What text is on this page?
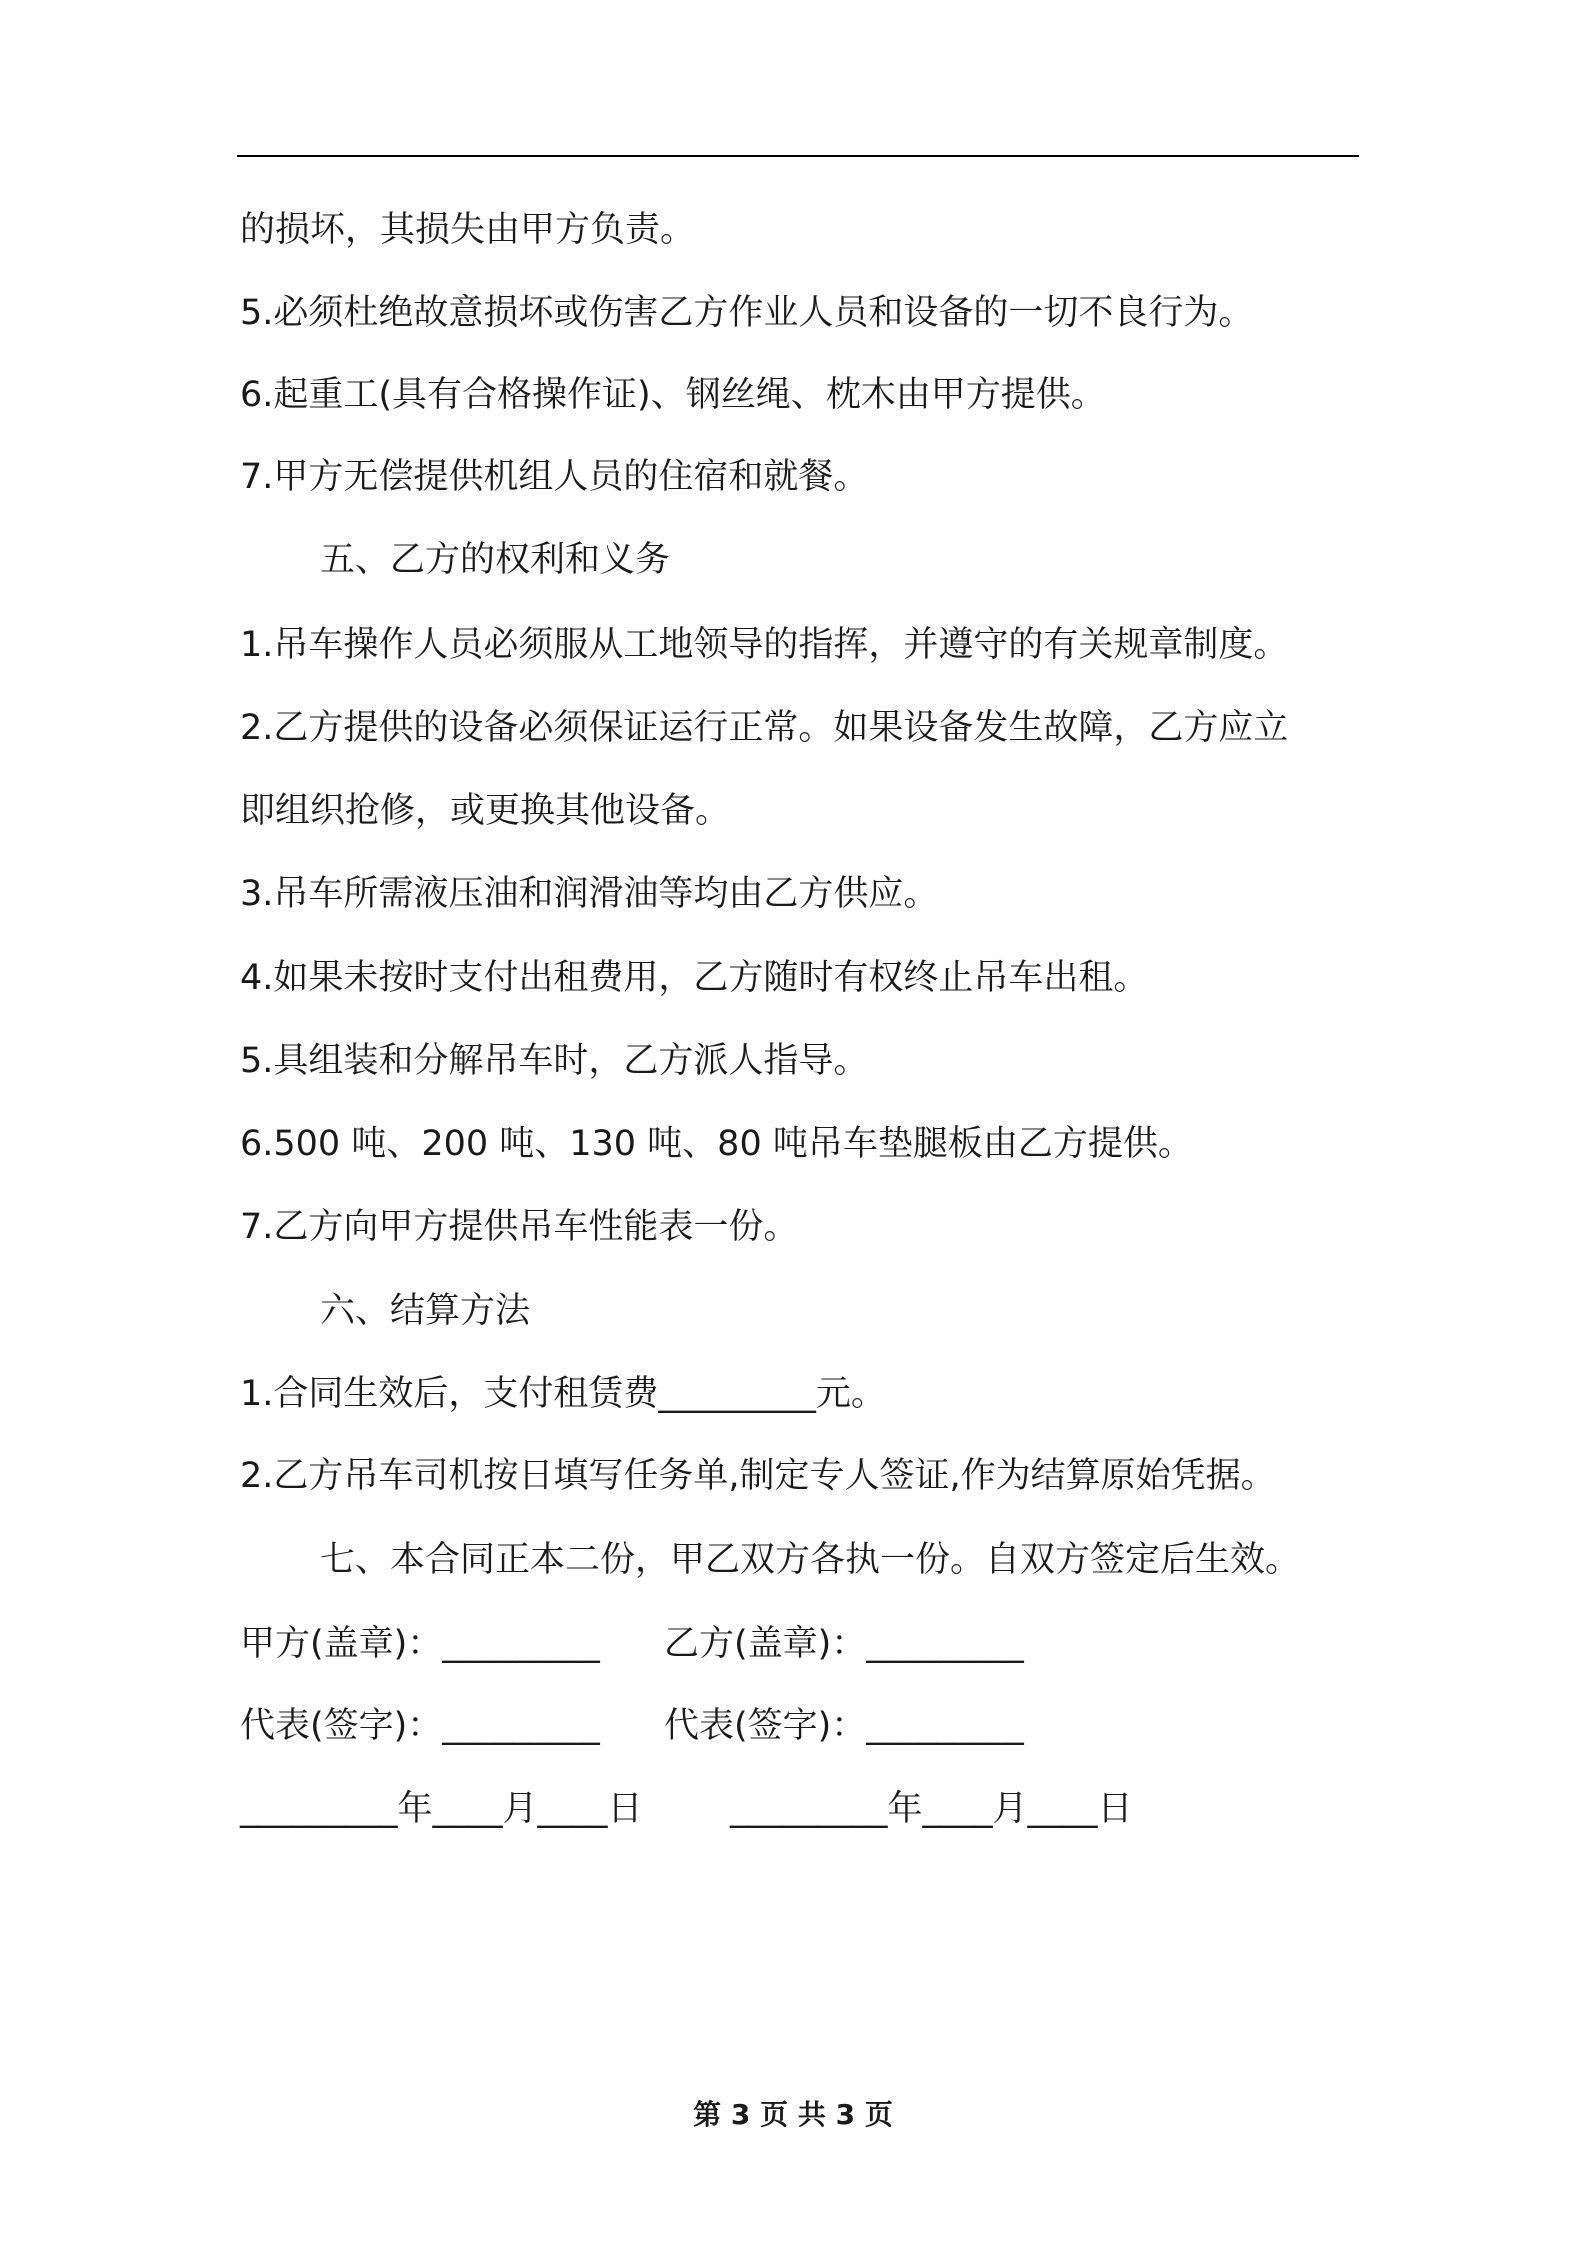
的损坏，其损失由甲方负责。
5.必须杜绝故意损坏或伤害乙方作业人员和设备的一切不良行为。
6.起重工(具有合格操作证)、钢丝绳、枕木由甲方提供。
7.甲方无偿提供机组人员的住宿和就餐。
五、乙方的权利和义务
1.吊车操作人员必须服从工地领导的指挥，并遵守的有关规章制度。
2.乙方提供的设备必须保证运行正常。如果设备发生故障，乙方应立
即组织抢修，或更换其他设备。
3.吊车所需液压油和润滑油等均由乙方供应。
4.如果未按时支付出租费用，乙方随时有权终止吊车出租。
5.具组装和分解吊车时，乙方派人指导。
6.500 吨、200 吨、130 吨、80 吨吊车垫腿板由乙方提供。
7.乙方向甲方提供吊车性能表一份。
六、结算方法
1.合同生效后，支付租赁费_________元。
2.乙方吊车司机按日填写任务单,制定专人签证,作为结算原始凭据。
七、本合同正本二份，甲乙双方各执一份。自双方签定后生效。
甲方(盖章)：_________	乙方(盖章)：_________
代表(签字)：_________	代表(签字)：_________
_________年____月____日	_________年____月____日
第 3 页 共 3 页
